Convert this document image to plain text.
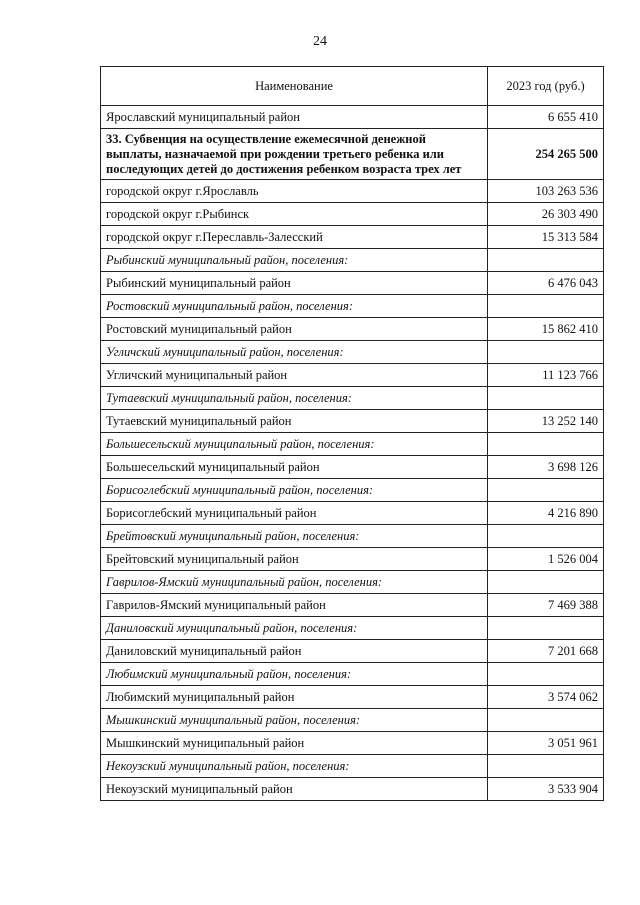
24
Наименование	2023 год (руб.)
Ярославский муниципальный район	6 655 410
33. Субвенция на осуществление ежемесячной денежной выплаты, назначаемой при рождении третьего ребенка или последующих детей до достижения ребенком возраста трех лет	254 265 500
городской округ г.Ярославль	103 263 536
городской округ г.Рыбинск	26 303 490
городской округ г.Переславль-Залесский	15 313 584
Рыбинский муниципальный район, поселения:	
Рыбинский муниципальный район	6 476 043
Ростовский муниципальный район, поселения:	
Ростовский муниципальный район	15 862 410
Угличский муниципальный район, поселения:	
Угличский муниципальный район	11 123 766
Тутаевский муниципальный район, поселения:	
Тутаевский муниципальный район	13 252 140
Большесельский муниципальный район, поселения:	
Большесельский муниципальный район	3 698 126
Борисоглебский муниципальный район, поселения:	
Борисоглебский муниципальный район	4 216 890
Брейтовский муниципальный район, поселения:	
Брейтовский муниципальный район	1 526 004
Гаврилов-Ямский муниципальный район, поселения:	
Гаврилов-Ямский муниципальный район	7 469 388
Даниловский муниципальный район, поселения:	
Даниловский муниципальный район	7 201 668
Любимский муниципальный район, поселения:	
Любимский муниципальный район	3 574 062
Мышкинский муниципальный район, поселения:	
Мышкинский муниципальный район	3 051 961
Некоузский муниципальный район, поселения:	
Некоузский муниципальный район	3 533 904
